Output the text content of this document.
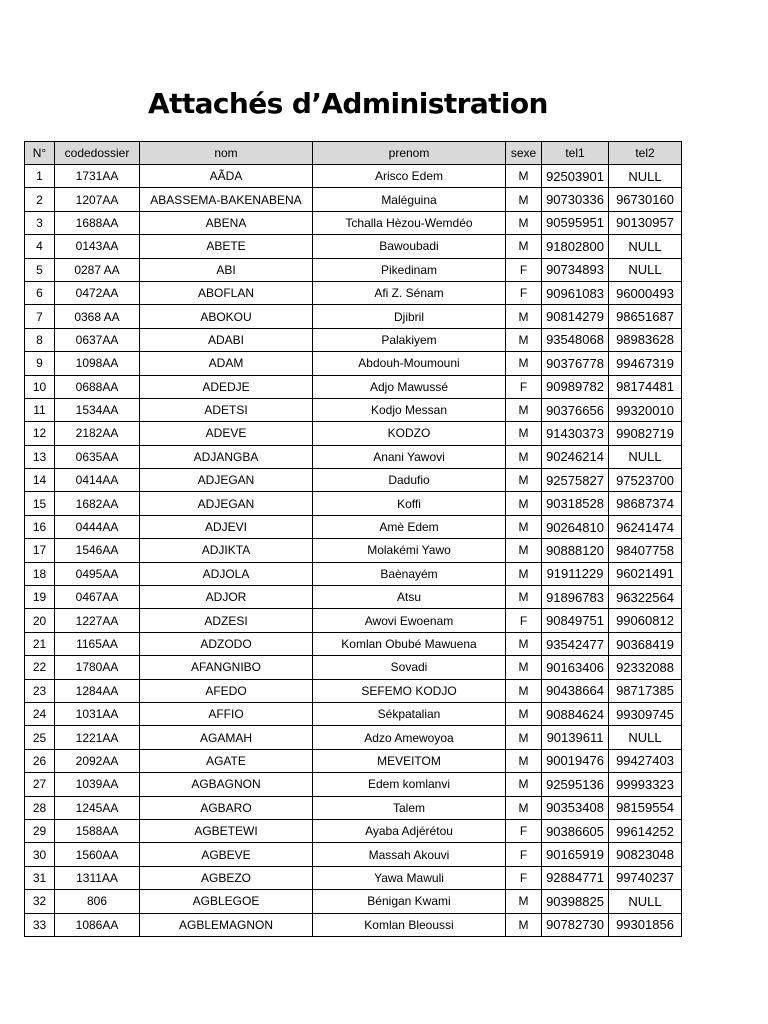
Attachés d’Administration
N°	codedossier	nom	prenom	sexe	tel1	tel2
1	1731AA	AÃDA	Arisco Edem	M	92503901	NULL
2	1207AA	ABASSEMA-BAKENABENA	Maléguina	M	90730336	96730160
3	1688AA	ABENA	Tchalla Hèzou-Wemdéo	M	90595951	90130957
4	0143AA	ABETE	Bawoubadi	M	91802800	NULL
5	0287 AA	ABI	Pikedinam	F	90734893	NULL
6	0472AA	ABOFLAN	Afi Z. Sénam	F	90961083	96000493
7	0368 AA	ABOKOU	Djibril	M	90814279	98651687
8	0637AA	ADABI	Palakiyem	M	93548068	98983628
9	1098AA	ADAM	Abdouh-Moumouni	M	90376778	99467319
10	0688AA	ADEDJE	Adjo Mawussé	F	90989782	98174481
11	1534AA	ADETSI	Kodjo Messan	M	90376656	99320010
12	2182AA	ADEVE	KODZO	M	91430373	99082719
13	0635AA	ADJANGBA	Anani Yawovi	M	90246214	NULL
14	0414AA	ADJEGAN	Dadufio	M	92575827	97523700
15	1682AA	ADJEGAN	Koffi	M	90318528	98687374
16	0444AA	ADJEVI	Amè Edem	M	90264810	96241474
17	1546AA	ADJIKTA	Molakémi Yawo	M	90888120	98407758
18	0495AA	ADJOLA	Baènayém	M	91911229	96021491
19	0467AA	ADJOR	Atsu	M	91896783	96322564
20	1227AA	ADZESI	Awovi Ewoenam	F	90849751	99060812
21	1165AA	ADZODO	Komlan Obubé Mawuena	M	93542477	90368419
22	1780AA	AFANGNIBO	Sovadi	M	90163406	92332088
23	1284AA	AFEDO	SEFEMO KODJO	M	90438664	98717385
24	1031AA	AFFIO	Sékpatalian	M	90884624	99309745
25	1221AA	AGAMAH	Adzo Amewoyoa	M	90139611	NULL
26	2092AA	AGATE	MEVEITOM	M	90019476	99427403
27	1039AA	AGBAGNON	Edem komlanvi	M	92595136	99993323
28	1245AA	AGBARO	Talem	M	90353408	98159554
29	1588AA	AGBETEWI	Ayaba Adjérétou	F	90386605	99614252
30	1560AA	AGBEVE	Massah Akouvi	F	90165919	90823048
31	1311AA	AGBEZO	Yawa Mawuli	F	92884771	99740237
32	806	AGBLEGOE	Bénigan Kwami	M	90398825	NULL
33	1086AA	AGBLEMAGNON	Komlan Bleoussi	M	90782730	99301856
